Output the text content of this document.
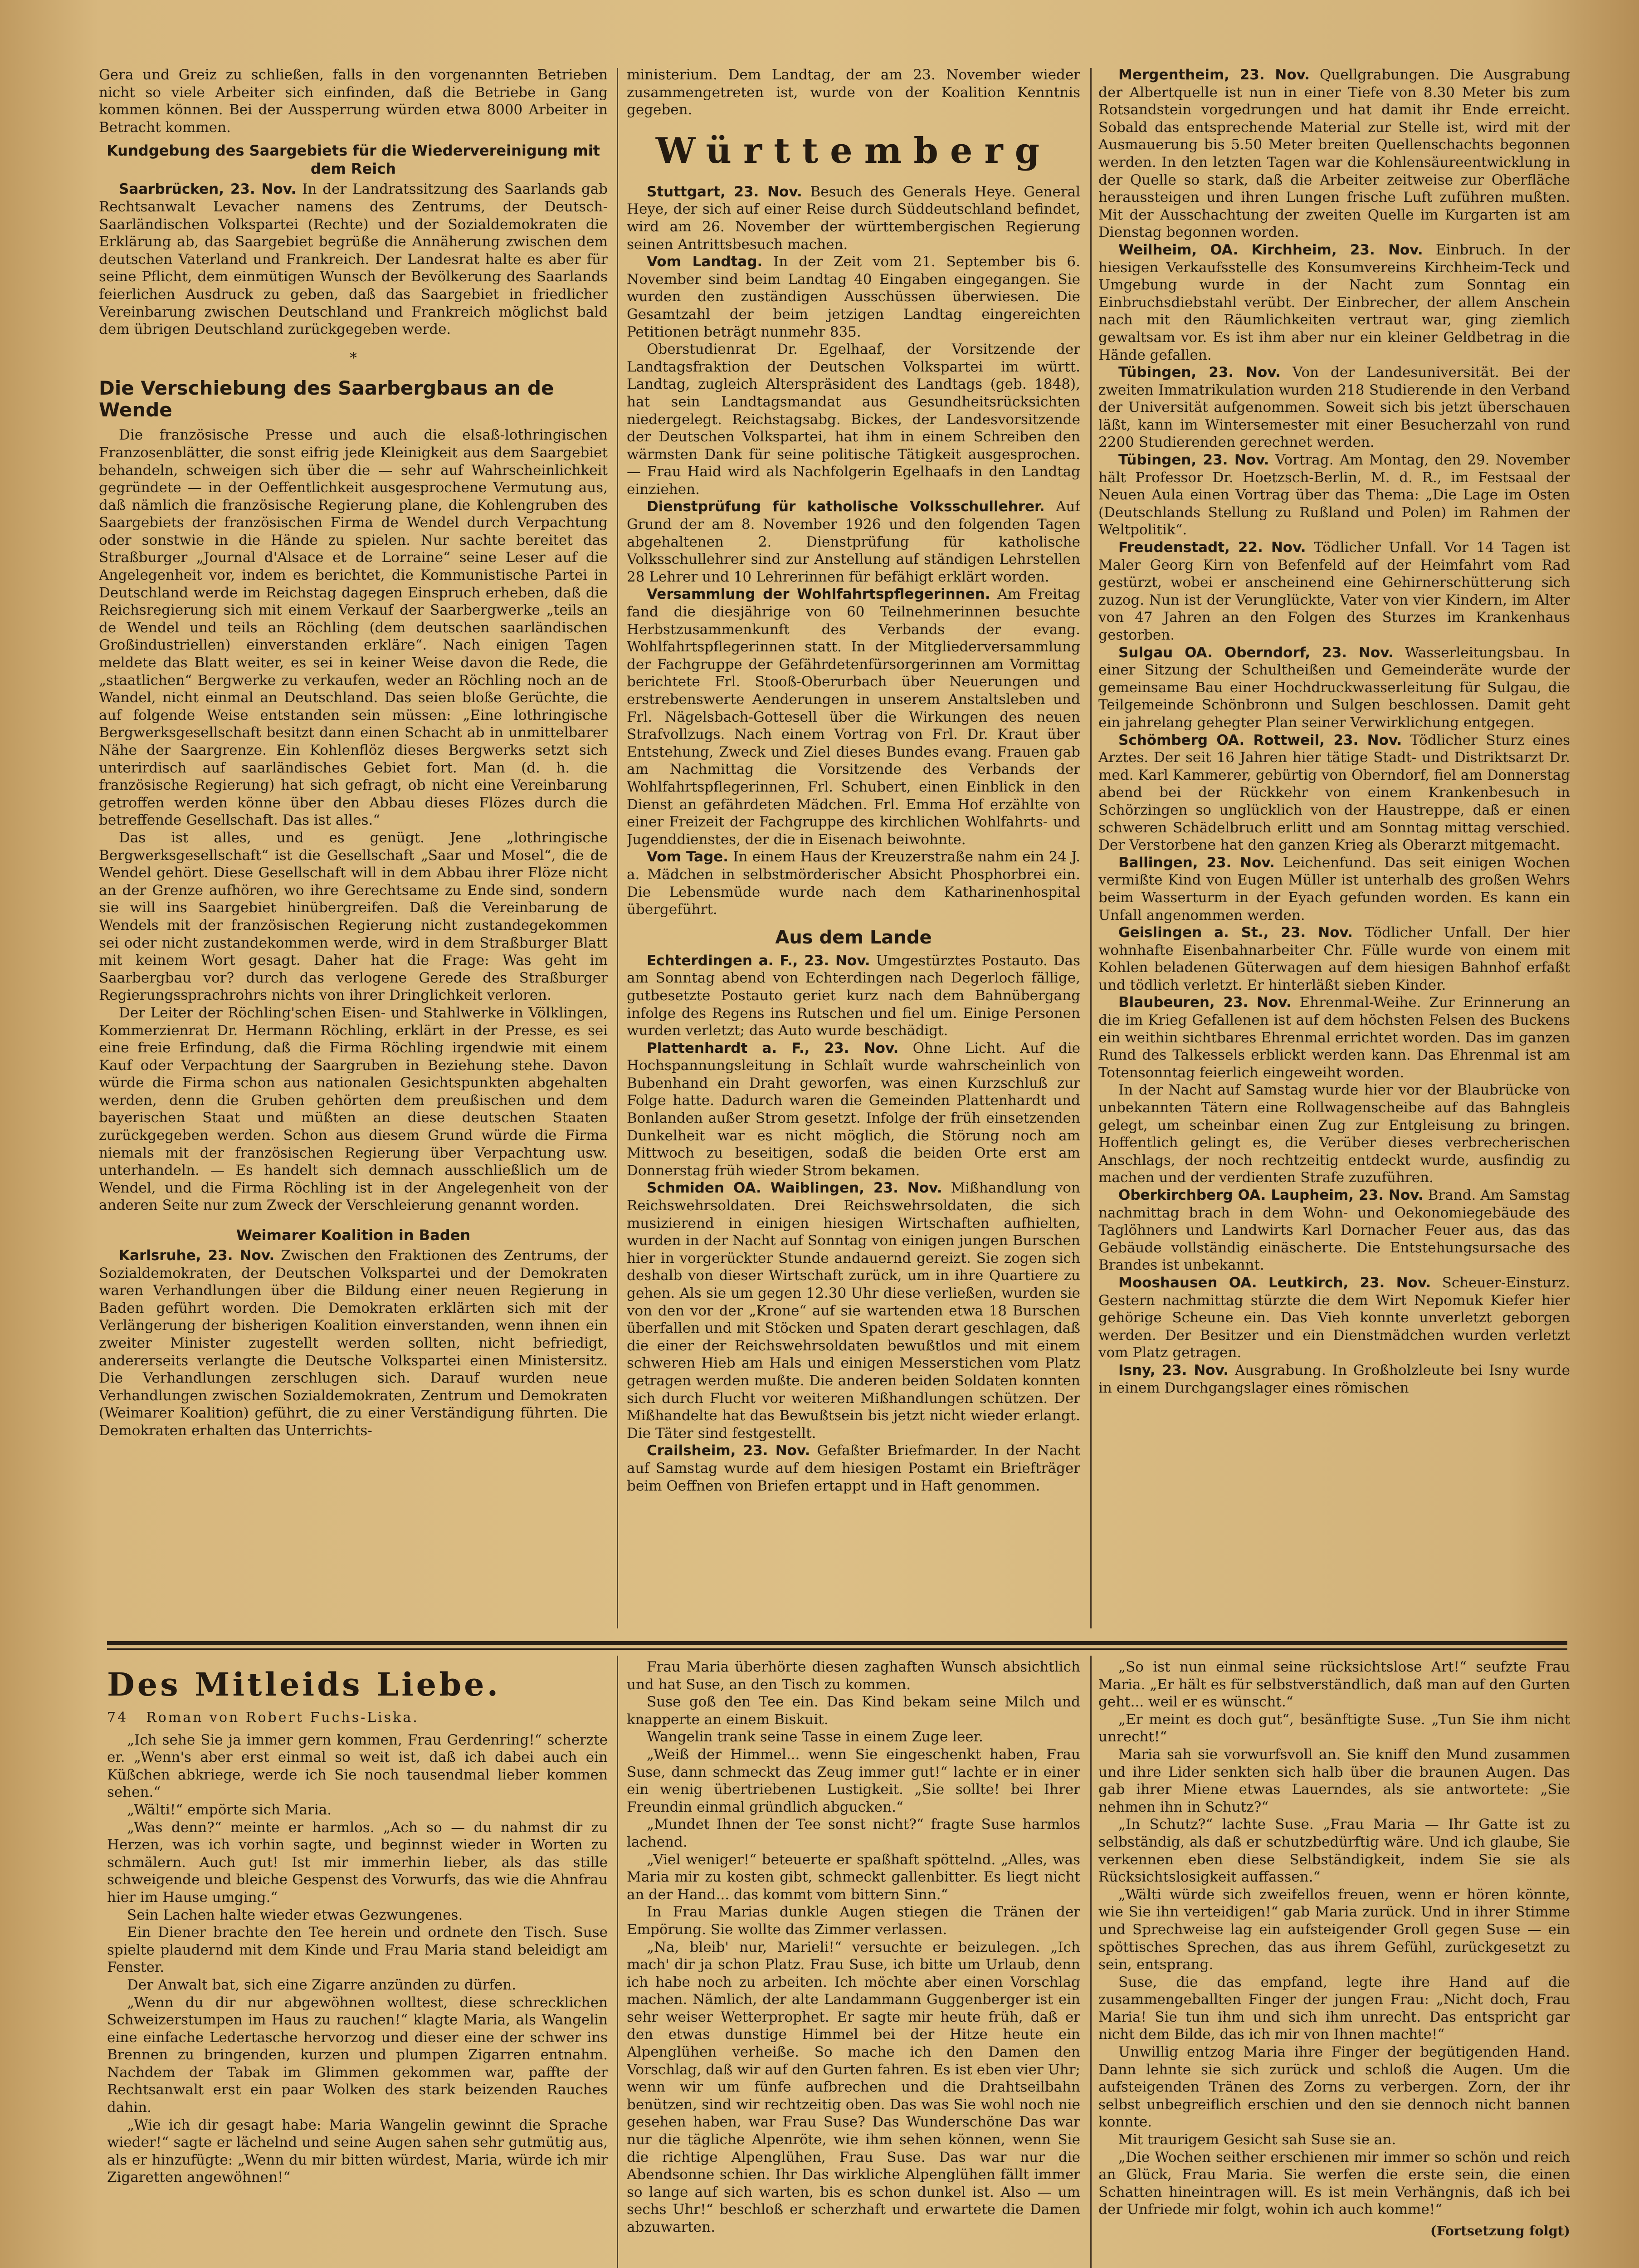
Gera und Greiz zu schließen, falls in den vorgenannten Betrieben nicht so viele Arbeiter sich einfinden, daß die Betriebe in Gang kommen können. Bei der Aussperrung würden etwa 8000 Arbeiter in Betracht kommen.

Kundgebung des Saargebiets für die Wiedervereinigung mit dem Reich

Saarbrücken, 23. Nov. In der Landratssitzung des Saarlands gab Rechtsanwalt Levacher namens des Zentrums, der Deutsch-Saarländischen Volkspartei (Rechte) und der Sozialdemokraten die Erklärung ab, das Saargebiet begrüße die Annäherung zwischen dem deutschen Vaterland und Frankreich. Der Landesrat halte es aber für seine Pflicht, dem einmütigen Wunsch der Bevölkerung des Saarlands feierlichen Ausdruck zu geben, daß das Saargebiet in friedlicher Vereinbarung zwischen Deutschland und Frankreich möglichst bald dem übrigen Deutschland zurückgegeben werde.

*
Die Verschiebung des Saarbergbaus an de Wende

Die französische Presse und auch die elsaß-lothringischen Franzosenblätter, die sonst eifrig jede Kleinigkeit aus dem Saargebiet behandeln, schweigen sich über die — sehr auf Wahrscheinlichkeit gegründete — in der Oeffentlichkeit ausgesprochene Vermutung aus, daß nämlich die französische Regierung plane, die Kohlengruben des Saargebiets der französischen Firma de Wendel durch Verpachtung oder sonstwie in die Hände zu spielen. Nur sachte bereitet das Straßburger „Journal d'Alsace et de Lorraine“ seine Leser auf die Angelegenheit vor, indem es berichtet, die Kommunistische Partei in Deutschland werde im Reichstag dagegen Einspruch erheben, daß die Reichsregierung sich mit einem Verkauf der Saarbergwerke „teils an de Wendel und teils an Röchling (dem deutschen saarländischen Großindustriellen) einverstanden erkläre“. Nach einigen Tagen meldete das Blatt weiter, es sei in keiner Weise davon die Rede, die „staatlichen“ Bergwerke zu verkaufen, weder an Röchling noch an de Wandel, nicht einmal an Deutschland. Das seien bloße Gerüchte, die auf folgende Weise entstanden sein müssen: „Eine lothringische Bergwerksgesellschaft besitzt dann einen Schacht ab in unmittelbarer Nähe der Saargrenze. Ein Kohlenflöz dieses Bergwerks setzt sich unterirdisch auf saarländisches Gebiet fort. Man (d. h. die französische Regierung) hat sich gefragt, ob nicht eine Vereinbarung getroffen werden könne über den Abbau dieses Flözes durch die betreffende Gesellschaft. Das ist alles.“

Das ist alles, und es genügt. Jene „lothringische Bergwerksgesellschaft“ ist die Gesellschaft „Saar und Mosel“, die de Wendel gehört. Diese Gesellschaft will in dem Abbau ihrer Flöze nicht an der Grenze aufhören, wo ihre Gerechtsame zu Ende sind, sondern sie will ins Saargebiet hinübergreifen. Daß die Vereinbarung de Wendels mit der französischen Regierung nicht zustandegekommen sei oder nicht zustandekommen werde, wird in dem Straßburger Blatt mit keinem Wort gesagt. Daher hat die Frage: Was geht im Saarbergbau vor? durch das verlogene Gerede des Straßburger Regierungssprachrohrs nichts von ihrer Dringlichkeit verloren.

Der Leiter der Röchling'schen Eisen- und Stahlwerke in Völklingen, Kommerzienrat Dr. Hermann Röchling, erklärt in der Presse, es sei eine freie Erfindung, daß die Firma Röchling irgendwie mit einem Kauf oder Verpachtung der Saargruben in Beziehung stehe. Davon würde die Firma schon aus nationalen Gesichtspunkten abgehalten werden, denn die Gruben gehörten dem preußischen und dem bayerischen Staat und müßten an diese deutschen Staaten zurückgegeben werden. Schon aus diesem Grund würde die Firma niemals mit der französischen Regierung über Verpachtung usw. unterhandeln. — Es handelt sich demnach ausschließlich um de Wendel, und die Firma Röchling ist in der Angelegenheit von der anderen Seite nur zum Zweck der Verschleierung genannt worden.

Weimarer Koalition in Baden

Karlsruhe, 23. Nov. Zwischen den Fraktionen des Zentrums, der Sozialdemokraten, der Deutschen Volkspartei und der Demokraten waren Verhandlungen über die Bildung einer neuen Regierung in Baden geführt worden. Die Demokraten erklärten sich mit der Verlängerung der bisherigen Koalition einverstanden, wenn ihnen ein zweiter Minister zugestellt werden sollten, nicht befriedigt, andererseits verlangte die Deutsche Volkspartei einen Ministersitz. Die Verhandlungen zerschlugen sich. Darauf wurden neue Verhandlungen zwischen Sozialdemokraten, Zentrum und Demokraten (Weimarer Koalition) geführt, die zu einer Verständigung führten. Die Demokraten erhalten das Unterrichts-

ministerium. Dem Landtag, der am 23. November wieder zusammengetreten ist, wurde von der Koalition Kenntnis gegeben.

Württemberg

Stuttgart, 23. Nov. Besuch des Generals Heye. General Heye, der sich auf einer Reise durch Süddeutschland befindet, wird am 26. November der württembergischen Regierung seinen Antrittsbesuch machen.

Vom Landtag. In der Zeit vom 21. September bis 6. November sind beim Landtag 40 Eingaben eingegangen. Sie wurden den zuständigen Ausschüssen überwiesen. Die Gesamtzahl der beim jetzigen Landtag eingereichten Petitionen beträgt nunmehr 835.

Oberstudienrat Dr. Egelhaaf, der Vorsitzende der Landtagsfraktion der Deutschen Volkspartei im württ. Landtag, zugleich Alterspräsident des Landtags (geb. 1848), hat sein Landtagsmandat aus Gesundheitsrücksichten niedergelegt. Reichstagsabg. Bickes, der Landesvorsitzende der Deutschen Volkspartei, hat ihm in einem Schreiben den wärmsten Dank für seine politische Tätigkeit ausgesprochen. — Frau Haid wird als Nachfolgerin Egelhaafs in den Landtag einziehen.

Dienstprüfung für katholische Volksschullehrer. Auf Grund der am 8. November 1926 und den folgenden Tagen abgehaltenen 2. Dienstprüfung für katholische Volksschullehrer sind zur Anstellung auf ständigen Lehrstellen 28 Lehrer und 10 Lehrerinnen für befähigt erklärt worden.

Versammlung der Wohlfahrtspflegerinnen. Am Freitag fand die diesjährige von 60 Teilnehmerinnen besuchte Herbstzusammenkunft des Verbands der evang. Wohlfahrtspflegerinnen statt. In der Mitgliederversammlung der Fachgruppe der Gefährdetenfürsorgerinnen am Vormittag berichtete Frl. Stooß-Oberurbach über Neuerungen und erstrebenswerte Aenderungen in unserem Anstaltsleben und Frl. Nägelsbach-Gottesell über die Wirkungen des neuen Strafvollzugs. Nach einem Vortrag von Frl. Dr. Kraut über Entstehung, Zweck und Ziel dieses Bundes evang. Frauen gab am Nachmittag die Vorsitzende des Verbands der Wohlfahrtspflegerinnen, Frl. Schubert, einen Einblick in den Dienst an gefährdeten Mädchen. Frl. Emma Hof erzählte von einer Freizeit der Fachgruppe des kirchlichen Wohlfahrts- und Jugenddienstes, der die in Eisenach beiwohnte.

Vom Tage. In einem Haus der Kreuzerstraße nahm ein 24 J. a. Mädchen in selbstmörderischer Absicht Phosphorbrei ein. Die Lebensmüde wurde nach dem Katharinenhospital übergeführt.

Aus dem Lande

Echterdingen a. F., 23. Nov. Umgestürztes Postauto. Das am Sonntag abend von Echterdingen nach Degerloch fällige, gutbesetzte Postauto geriet kurz nach dem Bahnübergang infolge des Regens ins Rutschen und fiel um. Einige Personen wurden verletzt; das Auto wurde beschädigt.

Plattenhardt a. F., 23. Nov. Ohne Licht. Auf die Hochspannungsleitung in Schlaît wurde wahrscheinlich von Bubenhand ein Draht geworfen, was einen Kurzschluß zur Folge hatte. Dadurch waren die Gemeinden Plattenhardt und Bonlanden außer Strom gesetzt. Infolge der früh einsetzenden Dunkelheit war es nicht möglich, die Störung noch am Mittwoch zu beseitigen, sodaß die beiden Orte erst am Donnerstag früh wieder Strom bekamen.

Schmiden OA. Waiblingen, 23. Nov. Mißhandlung von Reichswehrsoldaten. Drei Reichswehrsoldaten, die sich musizierend in einigen hiesigen Wirtschaften aufhielten, wurden in der Nacht auf Sonntag von einigen jungen Burschen hier in vorgerückter Stunde andauernd gereizt. Sie zogen sich deshalb von dieser Wirtschaft zurück, um in ihre Quartiere zu gehen. Als sie um gegen 12.30 Uhr diese verließen, wurden sie von den vor der „Krone“ auf sie wartenden etwa 18 Burschen überfallen und mit Stöcken und Spaten derart geschlagen, daß die einer der Reichswehrsoldaten bewußtlos und mit einem schweren Hieb am Hals und einigen Messerstichen vom Platz getragen werden mußte. Die anderen beiden Soldaten konnten sich durch Flucht vor weiteren Mißhandlungen schützen. Der Mißhandelte hat das Bewußtsein bis jetzt nicht wieder erlangt. Die Täter sind festgestellt.

Crailsheim, 23. Nov. Gefaßter Briefmarder. In der Nacht auf Samstag wurde auf dem hiesigen Postamt ein Briefträger beim Oeffnen von Briefen ertappt und in Haft genommen.

Mergentheim, 23. Nov. Quellgrabungen. Die Ausgrabung der Albertquelle ist nun in einer Tiefe von 8.30 Meter bis zum Rotsandstein vorgedrungen und hat damit ihr Ende erreicht. Sobald das entsprechende Material zur Stelle ist, wird mit der Ausmauerung bis 5.50 Meter breiten Quellenschachts begonnen werden. In den letzten Tagen war die Kohlensäureentwicklung in der Quelle so stark, daß die Arbeiter zeitweise zur Oberfläche heraussteigen und ihren Lungen frische Luft zuführen mußten. Mit der Ausschachtung der zweiten Quelle im Kurgarten ist am Dienstag begonnen worden.

Weilheim, OA. Kirchheim, 23. Nov. Einbruch. In der hiesigen Verkaufsstelle des Konsumvereins Kirchheim-Teck und Umgebung wurde in der Nacht zum Sonntag ein Einbruchsdiebstahl verübt. Der Einbrecher, der allem Anschein nach mit den Räumlichkeiten vertraut war, ging ziemlich gewaltsam vor. Es ist ihm aber nur ein kleiner Geldbetrag in die Hände gefallen.

Tübingen, 23. Nov. Von der Landesuniversität. Bei der zweiten Immatrikulation wurden 218 Studierende in den Verband der Universität aufgenommen. Soweit sich bis jetzt überschauen läßt, kann im Wintersemester mit einer Besucherzahl von rund 2200 Studierenden gerechnet werden.

Tübingen, 23. Nov. Vortrag. Am Montag, den 29. November hält Professor Dr. Hoetzsch-Berlin, M. d. R., im Festsaal der Neuen Aula einen Vortrag über das Thema: „Die Lage im Osten (Deutschlands Stellung zu Rußland und Polen) im Rahmen der Weltpolitik“.

Freudenstadt, 22. Nov. Tödlicher Unfall. Vor 14 Tagen ist Maler Georg Kirn von Befenfeld auf der Heimfahrt vom Rad gestürzt, wobei er anscheinend eine Gehirnerschütterung sich zuzog. Nun ist der Verunglückte, Vater von vier Kindern, im Alter von 47 Jahren an den Folgen des Sturzes im Krankenhaus gestorben.

Sulgau OA. Oberndorf, 23. Nov. Wasserleitungsbau. In einer Sitzung der Schultheißen und Gemeinderäte wurde der gemeinsame Bau einer Hochdruckwasserleitung für Sulgau, die Teilgemeinde Schönbronn und Sulgen beschlossen. Damit geht ein jahrelang gehegter Plan seiner Verwirklichung entgegen.

Schömberg OA. Rottweil, 23. Nov. Tödlicher Sturz eines Arztes. Der seit 16 Jahren hier tätige Stadt- und Distriktsarzt Dr. med. Karl Kammerer, gebürtig von Oberndorf, fiel am Donnerstag abend bei der Rückkehr von einem Krankenbesuch in Schörzingen so unglücklich von der Haustreppe, daß er einen schweren Schädelbruch erlitt und am Sonntag mittag verschied. Der Verstorbene hat den ganzen Krieg als Oberarzt mitgemacht.

Ballingen, 23. Nov. Leichenfund. Das seit einigen Wochen vermißte Kind von Eugen Müller ist unterhalb des großen Wehrs beim Wasserturm in der Eyach gefunden worden. Es kann ein Unfall angenommen werden.

Geislingen a. St., 23. Nov. Tödlicher Unfall. Der hier wohnhafte Eisenbahnarbeiter Chr. Fülle wurde von einem mit Kohlen beladenen Güterwagen auf dem hiesigen Bahnhof erfaßt und tödlich verletzt. Er hinterläßt sieben Kinder.

Blaubeuren, 23. Nov. Ehrenmal-Weihe. Zur Erinnerung an die im Krieg Gefallenen ist auf dem höchsten Felsen des Buckens ein weithin sichtbares Ehrenmal errichtet worden. Das im ganzen Rund des Talkessels erblickt werden kann. Das Ehrenmal ist am Totensonntag feierlich eingeweiht worden.

In der Nacht auf Samstag wurde hier vor der Blaubrücke von unbekannten Tätern eine Rollwagenscheibe auf das Bahngleis gelegt, um scheinbar einen Zug zur Entgleisung zu bringen. Hoffentlich gelingt es, die Verüber dieses verbrecherischen Anschlags, der noch rechtzeitig entdeckt wurde, ausfindig zu machen und der verdienten Strafe zuzuführen.

Oberkirchberg OA. Laupheim, 23. Nov. Brand. Am Samstag nachmittag brach in dem Wohn- und Oekonomiegebäude des Taglöhners und Landwirts Karl Dornacher Feuer aus, das das Gebäude vollständig einäscherte. Die Entstehungsursache des Brandes ist unbekannt.

Mooshausen OA. Leutkirch, 23. Nov. Scheuer-Einsturz. Gestern nachmittag stürzte die dem Wirt Nepomuk Kiefer hier gehörige Scheune ein. Das Vieh konnte unverletzt geborgen werden. Der Besitzer und ein Dienstmädchen wurden verletzt vom Platz getragen.

Isny, 23. Nov. Ausgrabung. In Großholzleute bei Isny wurde in einem Durchgangslager eines römischen

Des Mitleids Liebe.
74 Roman von Robert Fuchs-Liska.

„Ich sehe Sie ja immer gern kommen, Frau Gerdenring!“ scherzte er. „Wenn's aber erst einmal so weit ist, daß ich dabei auch ein Küßchen abkriege, werde ich Sie noch tausendmal lieber kommen sehen.“

„Wälti!“ empörte sich Maria.

„Was denn?“ meinte er harmlos. „Ach so — du nahmst dir zu Herzen, was ich vorhin sagte, und beginnst wieder in Worten zu schmälern. Auch gut! Ist mir immerhin lieber, als das stille schweigende und bleiche Gespenst des Vorwurfs, das wie die Ahnfrau hier im Hause umging.“

Sein Lachen halte wieder etwas Gezwungenes.

Ein Diener brachte den Tee herein und ordnete den Tisch. Suse spielte plaudernd mit dem Kinde und Frau Maria stand beleidigt am Fenster.

Der Anwalt bat, sich eine Zigarre anzünden zu dürfen.

„Wenn du dir nur abgewöhnen wolltest, diese schrecklichen Schweizerstumpen im Haus zu rauchen!“ klagte Maria, als Wangelin eine einfache Ledertasche hervorzog und dieser eine der schwer ins Brennen zu bringenden, kurzen und plumpen Zigarren entnahm. Nachdem der Tabak im Glimmen gekommen war, paffte der Rechtsanwalt erst ein paar Wolken des stark beizenden Rauches dahin.

„Wie ich dir gesagt habe: Maria Wangelin gewinnt die Sprache wieder!“ sagte er lächelnd und seine Augen sahen sehr gutmütig aus, als er hinzufügte: „Wenn du mir bitten würdest, Maria, würde ich mir Zigaretten angewöhnen!“

Frau Maria überhörte diesen zaghaften Wunsch absichtlich und hat Suse, an den Tisch zu kommen.

Suse goß den Tee ein. Das Kind bekam seine Milch und knapperte an einem Biskuit.

Wangelin trank seine Tasse in einem Zuge leer.

„Weiß der Himmel... wenn Sie eingeschenkt haben, Frau Suse, dann schmeckt das Zeug immer gut!“ lachte er in einer ein wenig übertriebenen Lustigkeit. „Sie sollte! bei Ihrer Freundin einmal gründlich abgucken.“

„Mundet Ihnen der Tee sonst nicht?“ fragte Suse harmlos lachend.

„Viel weniger!“ beteuerte er spaßhaft spöttelnd. „Alles, was Maria mir zu kosten gibt, schmeckt gallenbitter. Es liegt nicht an der Hand... das kommt vom bittern Sinn.“

In Frau Marias dunkle Augen stiegen die Tränen der Empörung. Sie wollte das Zimmer verlassen.

„Na, bleib' nur, Marieli!“ versuchte er beizulegen. „Ich mach' dir ja schon Platz. Frau Suse, ich bitte um Urlaub, denn ich habe noch zu arbeiten. Ich möchte aber einen Vorschlag machen. Nämlich, der alte Landammann Guggenberger ist ein sehr weiser Wetterprophet. Er sagte mir heute früh, daß er den etwas dunstige Himmel bei der Hitze heute ein Alpenglühen verheiße. So mache ich den Damen den Vorschlag, daß wir auf den Gurten fahren. Es ist eben vier Uhr; wenn wir um fünfe aufbrechen und die Drahtseilbahn benützen, sind wir rechtzeitig oben. Das was Sie wohl noch nie gesehen haben, war Frau Suse? Das Wunderschöne Das war nur die tägliche Alpenröte, wie ihm sehen können, wenn Sie die richtige Alpenglühen, Frau Suse. Das war nur die Abendsonne schien. Ihr Das wirkliche Alpenglühen fällt immer so lange auf sich warten, bis es schon dunkel ist. Also — um sechs Uhr!“ beschloß er scherzhaft und erwartete die Damen abzuwarten.

„So ist nun einmal seine rücksichtslose Art!“ seufzte Frau Maria. „Er hält es für selbstverständlich, daß man auf den Gurten geht... weil er es wünscht.“

„Er meint es doch gut“, besänftigte Suse. „Tun Sie ihm nicht unrecht!“

Maria sah sie vorwurfsvoll an. Sie kniff den Mund zusammen und ihre Lider senkten sich halb über die braunen Augen. Das gab ihrer Miene etwas Lauerndes, als sie antwortete: „Sie nehmen ihn in Schutz?“

„In Schutz?“ lachte Suse. „Frau Maria — Ihr Gatte ist zu selbständig, als daß er schutzbedürftig wäre. Und ich glaube, Sie verkennen eben diese Selbständigkeit, indem Sie sie als Rücksichtslosigkeit auffassen.“

„Wälti würde sich zweifellos freuen, wenn er hören könnte, wie Sie ihn verteidigen!“ gab Maria zurück. Und in ihrer Stimme und Sprechweise lag ein aufsteigender Groll gegen Suse — ein spöttisches Sprechen, das aus ihrem Gefühl, zurückgesetzt zu sein, entsprang.

Suse, die das empfand, legte ihre Hand auf die zusammengeballten Finger der jungen Frau: „Nicht doch, Frau Maria! Sie tun ihm und sich ihm unrecht. Das entspricht gar nicht dem Bilde, das ich mir von Ihnen machte!“

Unwillig entzog Maria ihre Finger der begütigenden Hand. Dann lehnte sie sich zurück und schloß die Augen. Um die aufsteigenden Tränen des Zorns zu verbergen. Zorn, der ihr selbst unbegreiflich erschien und den sie dennoch nicht bannen konnte.

Mit traurigem Gesicht sah Suse sie an.

„Die Wochen seither erschienen mir immer so schön und reich an Glück, Frau Maria. Sie werfen die erste sein, die einen Schatten hineintragen will. Es ist mein Verhängnis, daß ich bei der Unfriede mir folgt, wohin ich auch komme!“

(Fortsetzung folgt)
